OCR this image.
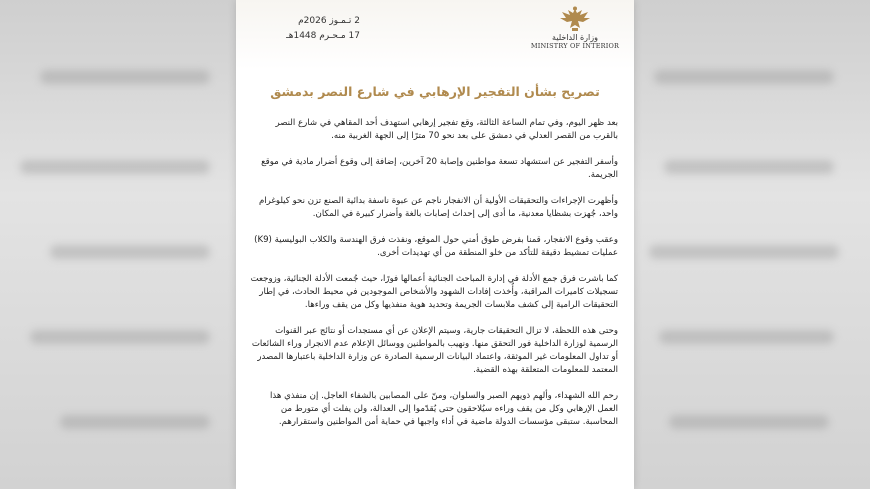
2 تـمـوز 2026م
17 مـحـرم 1448هـ	وزارة الداخلية
MINISTRY OF INTERIOR
تصريح بشأن التفجير الإرهابي في شارع النصر بدمشق

بعد ظهر اليوم، وفي تمام الساعة الثالثة، وقع تفجير إرهابي استهدف أحد المقاهي في شارع النصر بالقرب من القصر العدلي في دمشق على بعد نحو 70 مترًا إلى الجهة الغربية منه.

وأسفر التفجير عن استشهاد تسعة مواطنين وإصابة 20 آخرين، إضافة إلى وقوع أضرار مادية في موقع الجريمة.

وأظهرت الإجراءات والتحقيقات الأولية أن الانفجار ناجم عن عبوة ناسفة بدائية الصنع تزن نحو كيلوغرام واحد، جُهزت بشظايا معدنية، ما أدى إلى إحداث إصابات بالغة وأضرار كبيرة في المكان.

وعقب وقوع الانفجار، قمنا بفرض طوق أمني حول الموقع، ونفذت فرق الهندسة والكلاب البوليسية (K9) عمليات تمشيط دقيقة للتأكد من خلو المنطقة من أي تهديدات أخرى.

كما باشرت فرق جمع الأدلة في إدارة المباحث الجنائية أعمالها فورًا، حيث جُمعت الأدلة الجنائية، وزوجعت تسجيلات كاميرات المراقبة، وأُخذت إفادات الشهود والأشخاص الموجودين في محيط الحادث، في إطار التحقيقات الرامية إلى كشف ملابسات الجريمة وتحديد هوية منفذيها وكل من يقف وراءها.

وحتى هذه اللحظة، لا تزال التحقيقات جارية، وسيتم الإعلان عن أي مستجدات أو نتائج عبر القنوات الرسمية لوزارة الداخلية فور التحقق منها. ونهيب بالمواطنين ووسائل الإعلام عدم الانجرار وراء الشائعات أو تداول المعلومات غير الموثقة، واعتماد البيانات الرسمية الصادرة عن وزارة الداخلية باعتبارها المصدر المعتمد للمعلومات المتعلقة بهذه القضية.

رحم الله الشهداء، وألهم ذويهم الصبر والسلوان، ومنّ على المصابين بالشفاء العاجل. إن منفذي هذا العمل الإرهابي وكل من يقف وراءه سيُلاحقون حتى يُقدّموا إلى العدالة، ولن يفلت أي متورط من المحاسبة. ستبقى مؤسسات الدولة ماضية في أداء واجبها في حماية أمن المواطنين واستقرارهم.
